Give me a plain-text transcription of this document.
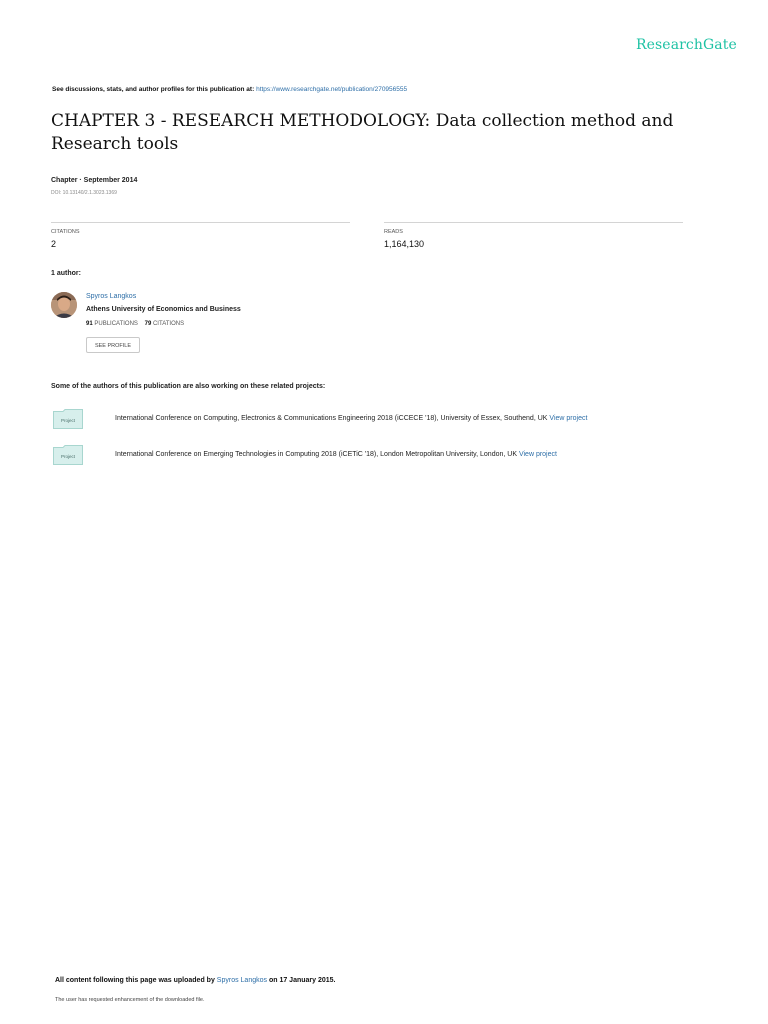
ResearchGate
See discussions, stats, and author profiles for this publication at: https://www.researchgate.net/publication/270956555
CHAPTER 3 - RESEARCH METHODOLOGY: Data collection method and Research tools
Chapter · September 2014
DOI: 10.13140/2.1.3023.1369
CITATIONS
2
READS
1,164,130
1 author:
Spyros Langkos
Athens University of Economics and Business
91 PUBLICATIONS 79 CITATIONS
SEE PROFILE
Some of the authors of this publication are also working on these related projects:
Project	International Conference on Computing, Electronics & Communications Engineering 2018 (iCCECE '18), University of Essex, Southend, UK View project
Project	International Conference on Emerging Technologies in Computing 2018 (iCETiC '18), London Metropolitan University, London, UK View project
All content following this page was uploaded by Spyros Langkos on 17 January 2015.
The user has requested enhancement of the downloaded file.
